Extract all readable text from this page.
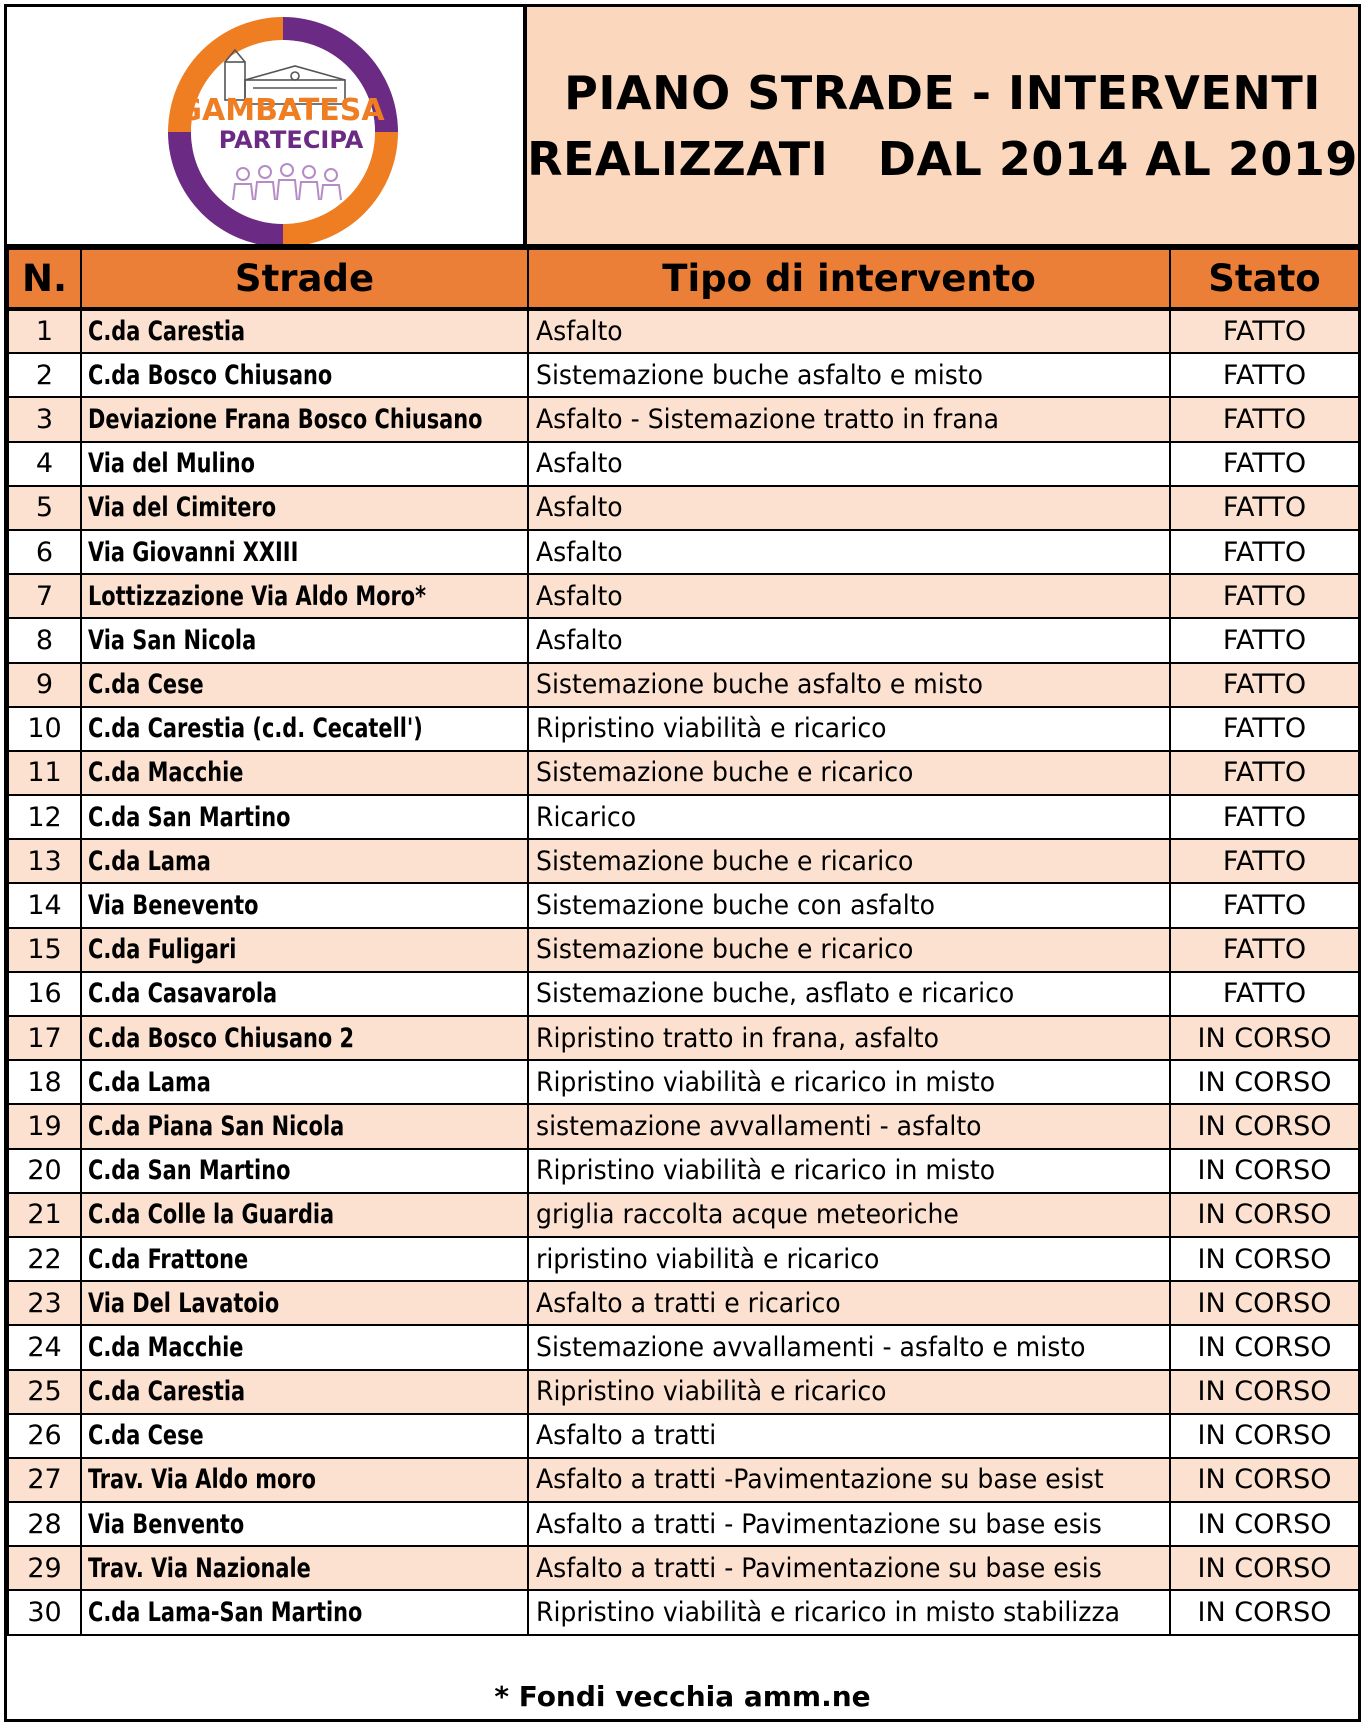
GAMBATESA
PARTECIPA
PIANO STRADE - INTERVENTI
REALIZZATI   DAL 2014 AL 2019
N.	Strade	Tipo di intervento	Stato
1	C.da Carestia	Asfalto	FATTO
2	C.da Bosco Chiusano	Sistemazione buche asfalto e misto	FATTO
3	Deviazione Frana Bosco Chiusano	Asfalto - Sistemazione tratto in frana	FATTO
4	Via del Mulino	Asfalto	FATTO
5	Via del Cimitero	Asfalto	FATTO
6	Via Giovanni XXIII	Asfalto	FATTO
7	Lottizzazione Via Aldo Moro*	Asfalto	FATTO
8	Via San Nicola	Asfalto	FATTO
9	C.da Cese	Sistemazione buche asfalto e misto	FATTO
10	C.da Carestia (c.d. Cecatell')	Ripristino viabilità e ricarico	FATTO
11	C.da Macchie	Sistemazione buche e ricarico	FATTO
12	C.da San Martino	Ricarico	FATTO
13	C.da Lama	Sistemazione buche e ricarico	FATTO
14	Via Benevento	Sistemazione buche con asfalto	FATTO
15	C.da Fuligari	Sistemazione buche e ricarico	FATTO
16	C.da Casavarola	Sistemazione buche, asflato e ricarico	FATTO
17	C.da Bosco Chiusano 2	Ripristino tratto in frana, asfalto	IN CORSO
18	C.da Lama	Ripristino viabilità e ricarico in misto	IN CORSO
19	C.da Piana San Nicola	sistemazione avvallamenti - asfalto	IN CORSO
20	C.da San Martino	Ripristino viabilità e ricarico in misto	IN CORSO
21	C.da Colle la Guardia	griglia raccolta acque meteoriche	IN CORSO
22	C.da Frattone	ripristino viabilità e ricarico	IN CORSO
23	Via Del Lavatoio	Asfalto a tratti e ricarico	IN CORSO
24	C.da Macchie	Sistemazione avvallamenti - asfalto e misto	IN CORSO
25	C.da Carestia	Ripristino viabilità e ricarico	IN CORSO
26	C.da Cese	Asfalto a tratti	IN CORSO
27	Trav. Via Aldo moro	Asfalto a tratti -Pavimentazione su base esist	IN CORSO
28	Via Benvento	Asfalto a tratti - Pavimentazione su base esis	IN CORSO
29	Trav. Via Nazionale	Asfalto a tratti - Pavimentazione su base esis	IN CORSO
30	C.da Lama-San Martino	Ripristino viabilità e ricarico in misto stabilizza	IN CORSO
* Fondi vecchia amm.ne
